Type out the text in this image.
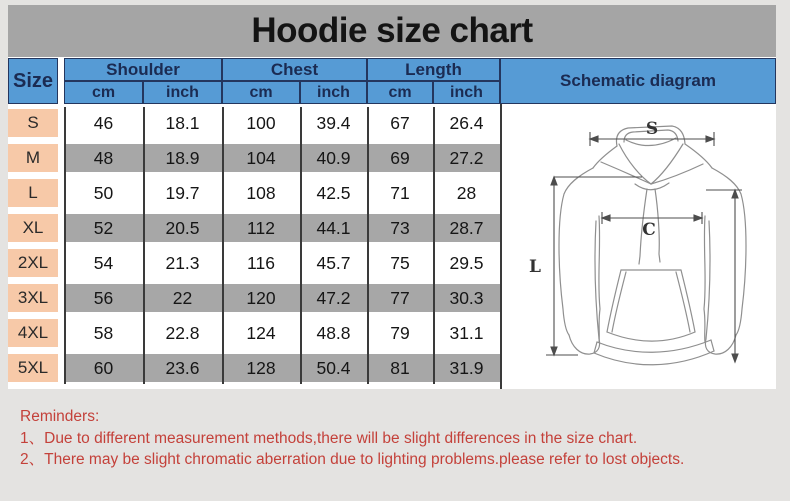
Hoodie size chart
Size
Shoulder	Chest	Length
Schematic diagram
cm	inch	cm	inch	cm	inch
S	46	18.1	100	39.4	67	26.4
M	48	18.9	104	40.9	69	27.2
L	50	19.7	108	42.5	71	28
XL	52	20.5	112	44.1	73	28.7
2XL	54	21.3	116	45.7	75	29.5
3XL	56	22	120	47.2	77	30.3
4XL	58	22.8	124	48.8	79	31.1
5XL	60	23.6	128	50.4	81	31.9
S
C
L

Reminders:

1、Due to different measurement methods,there will be slight differences in the size chart.

2、There may be slight chromatic aberration due to lighting problems.please refer to lost objects.
